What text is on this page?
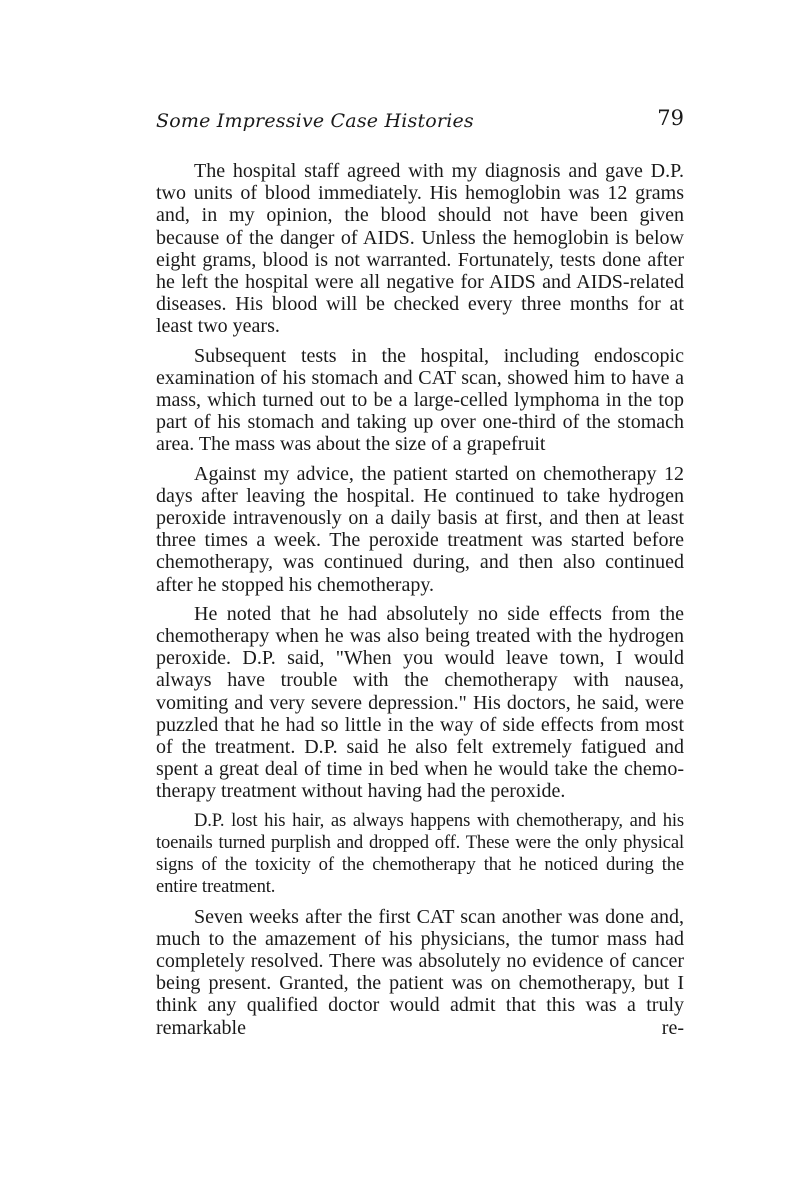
Some Impressive Case Histories	79

The hospital staff agreed with my diagnosis and gave D.P. two units of blood immediately. His hemoglobin was 12 grams and, in my opinion, the blood should not have been given because of the danger of AIDS. Unless the hemoglobin is below eight grams, blood is not warranted. Fortunately, tests done after he left the hospital were all negative for AIDS and AIDS-related diseases. His blood will be checked every three months for at least two years.

Subsequent tests in the hospital, including endoscopic examination of his stomach and CAT scan, showed him to have a mass, which turned out to be a large-celled lymphoma in the top part of his stomach and taking up over one-third of the stomach area. The mass was about the size of a grapefruit

Against my advice, the patient started on chemotherapy 12 days after leaving the hospital. He continued to take hydrogen peroxide intravenously on a daily basis at first, and then at least three times a week. The peroxide treatment was started before chemotherapy, was continued during, and then also continued after he stopped his chemotherapy.

He noted that he had absolutely no side effects from the chemotherapy when he was also being treated with the hydrogen peroxide. D.P. said, "When you would leave town, I would always have trouble with the chemotherapy with nausea, vomiting and very severe depression." His doctors, he said, were puzzled that he had so little in the way of side effects from most of the treatment. D.P. said he also felt extremely fatigued and spent a great deal of time in bed when he would take the chemotherapy treatment without having had the peroxide.

D.P. lost his hair, as always happens with chemotherapy, and his toenails turned purplish and dropped off. These were the only physical signs of the toxicity of the chemotherapy that he noticed during the entire treatment.

Seven weeks after the first CAT scan another was done and, much to the amazement of his physicians, the tumor mass had completely resolved. There was absolutely no evidence of cancer being present. Granted, the patient was on chemotherapy, but I think any qualified doctor would admit that this was a truly remarkable re-
